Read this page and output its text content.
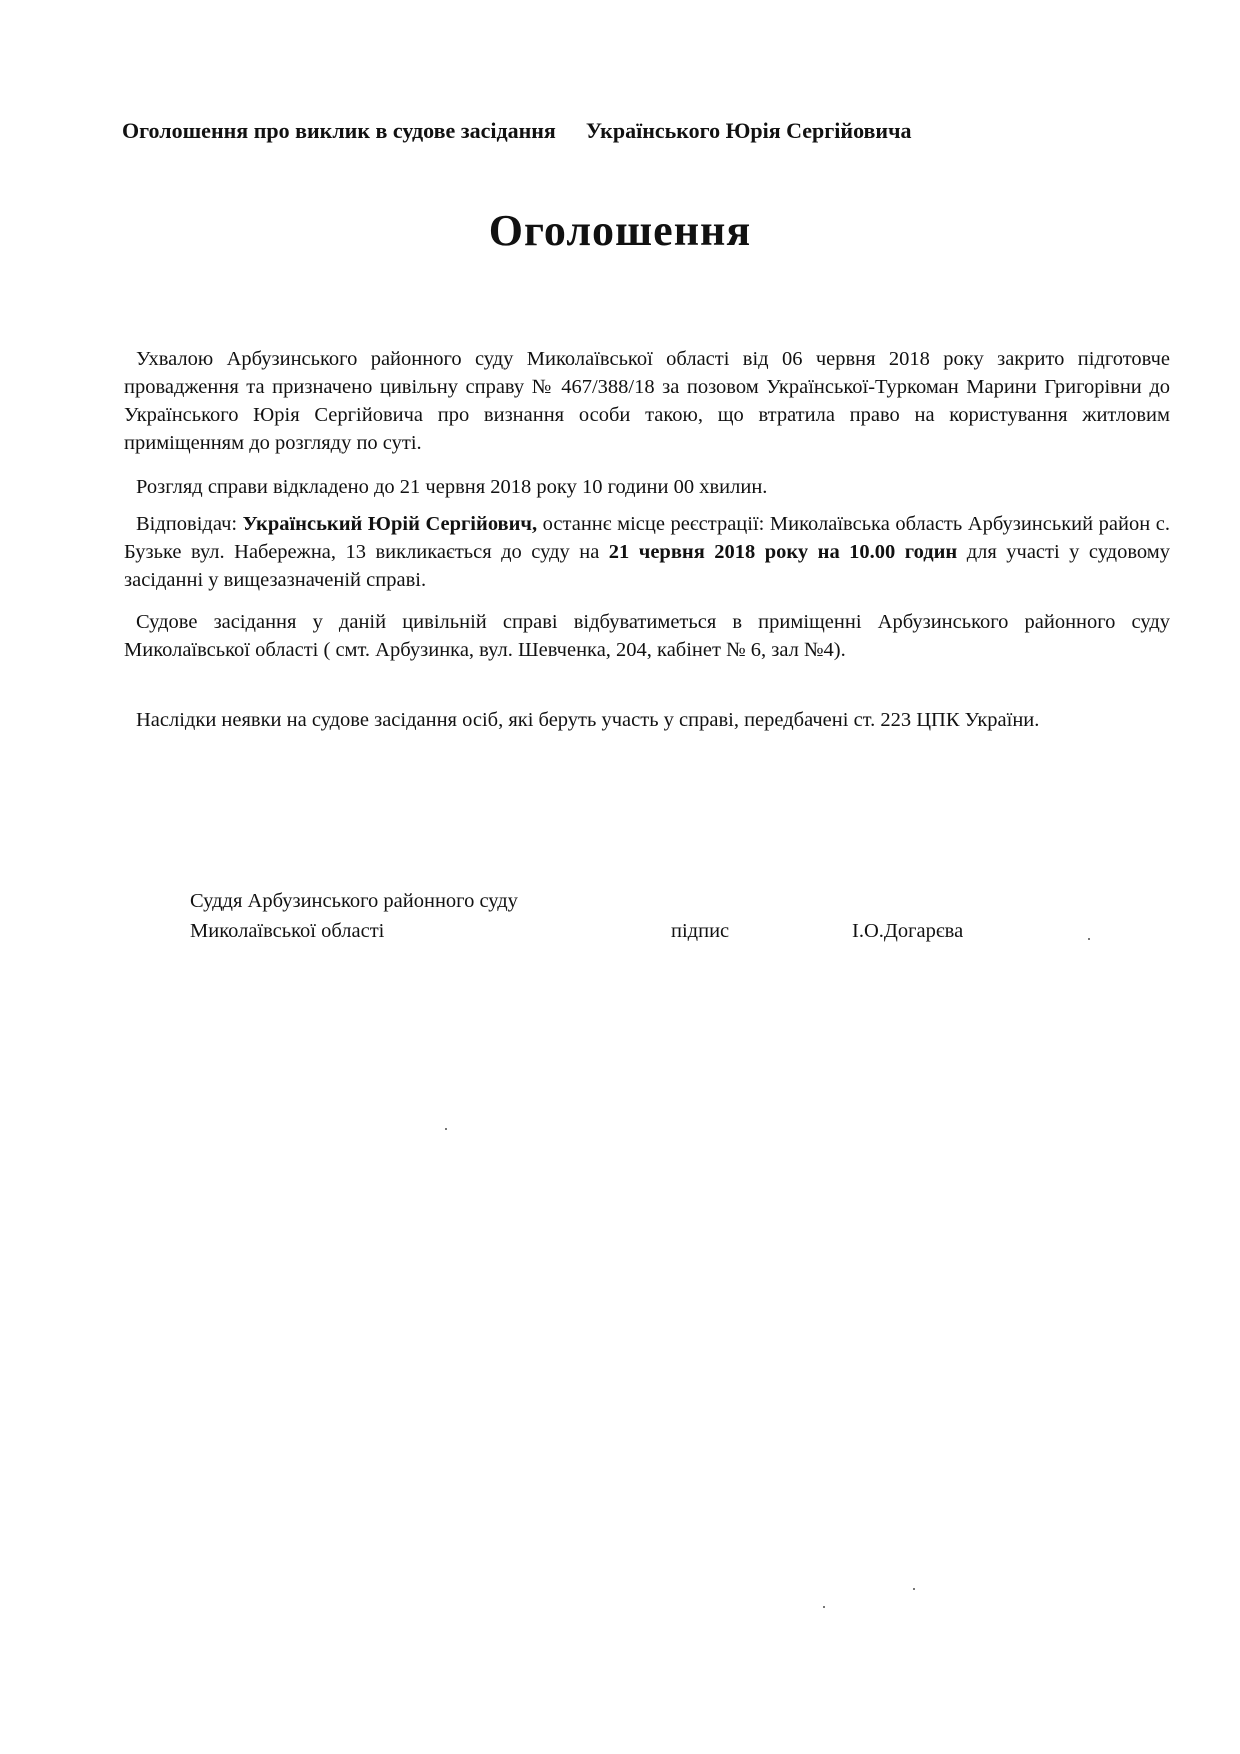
Оголошення про виклик в судове засідання Українського Юрія Сергійовича
Оголошення
Ухвалою Арбузинського районного суду Миколаївської області від 06 червня 2018 року закрито підготовче провадження та призначено цивільну справу № 467/388/18 за позовом Української-Туркоман Марини Григорівни до Українського Юрія Сергійовича про визнання особи такою, що втратила право на користування житловим приміщенням до розгляду по суті.
Розгляд справи відкладено до 21 червня 2018 року 10 години 00 хвилин.
Відповідач: Український Юрій Сергійович, останнє місце реєстрації: Миколаївська область Арбузинський район с. Бузьке вул. Набережна, 13 викликається до суду на 21 червня 2018 року на 10.00 годин для участі у судовому засіданні у вищезазначеній справі.
Судове засідання у даній цивільній справі відбуватиметься в приміщенні Арбузинського районного суду Миколаївської області ( смт. Арбузинка, вул. Шевченка, 204, кабінет № 6, зал №4).
Наслідки неявки на судове засідання осіб, які беруть участь у справі, передбачені ст. 223 ЦПК України.
Суддя Арбузинського районного суду
Миколаївської області	підпис	І.О.Догарєва
